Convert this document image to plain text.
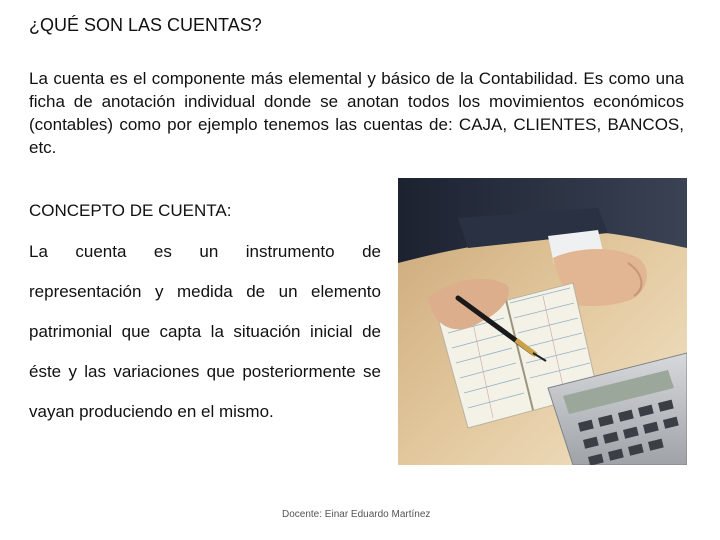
¿QUÉ SON LAS CUENTAS?

La cuenta es el componente más elemental y básico de la Contabilidad. Es como una ficha de anotación individual donde se anotan todos los movimientos económicos (contables) como por ejemplo tenemos las cuentas de: CAJA, CLIENTES, BANCOS, etc.

CONCEPTO DE CUENTA:

La cuenta es un instrumento de representación y medida de un elemento patrimonial que capta la situación inicial de éste y las variaciones que posteriormente se vayan produciendo en el mismo.

Docente: Einar Eduardo Martínez
